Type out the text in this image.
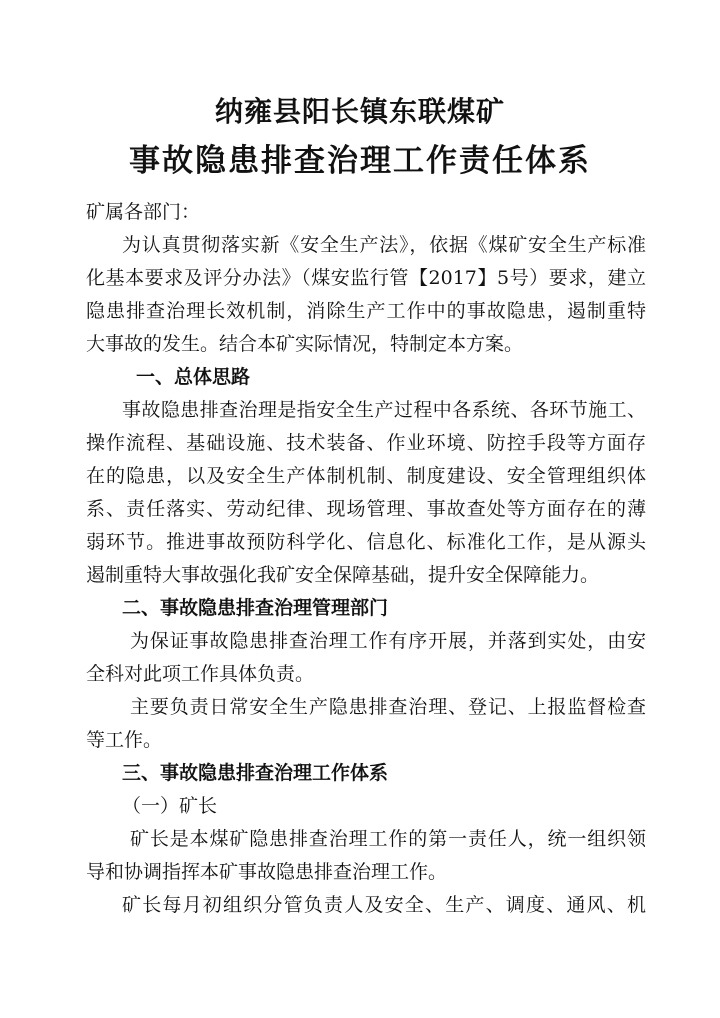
纳雍县阳长镇东联煤矿
事故隐患排查治理工作责任体系
矿属各部门：
为认真贯彻落实新《安全生产法》，依据《煤矿安全生产标准
化基本要求及评分办法》（煤安监行管【2017】5号）要求，建立
隐患排查治理长效机制，消除生产工作中的事故隐患，遏制重特
大事故的发生。结合本矿实际情况，特制定本方案。
一、总体思路
事故隐患排查治理是指安全生产过程中各系统、各环节施工、
操作流程、基础设施、技术装备、作业环境、防控手段等方面存
在的隐患，以及安全生产体制机制、制度建设、安全管理组织体
系、责任落实、劳动纪律、现场管理、事故查处等方面存在的薄
弱环节。推进事故预防科学化、信息化、标准化工作，是从源头
遏制重特大事故强化我矿安全保障基础，提升安全保障能力。
二、事故隐患排查治理管理部门
为保证事故隐患排查治理工作有序开展，并落到实处，由安
全科对此项工作具体负责。
主要负责日常安全生产隐患排查治理、登记、上报监督检查
等工作。
三、事故隐患排查治理工作体系
（一）矿长
矿长是本煤矿隐患排查治理工作的第一责任人，统一组织领
导和协调指挥本矿事故隐患排查治理工作。
矿长每月初组织分管负责人及安全、生产、调度、通风、机
